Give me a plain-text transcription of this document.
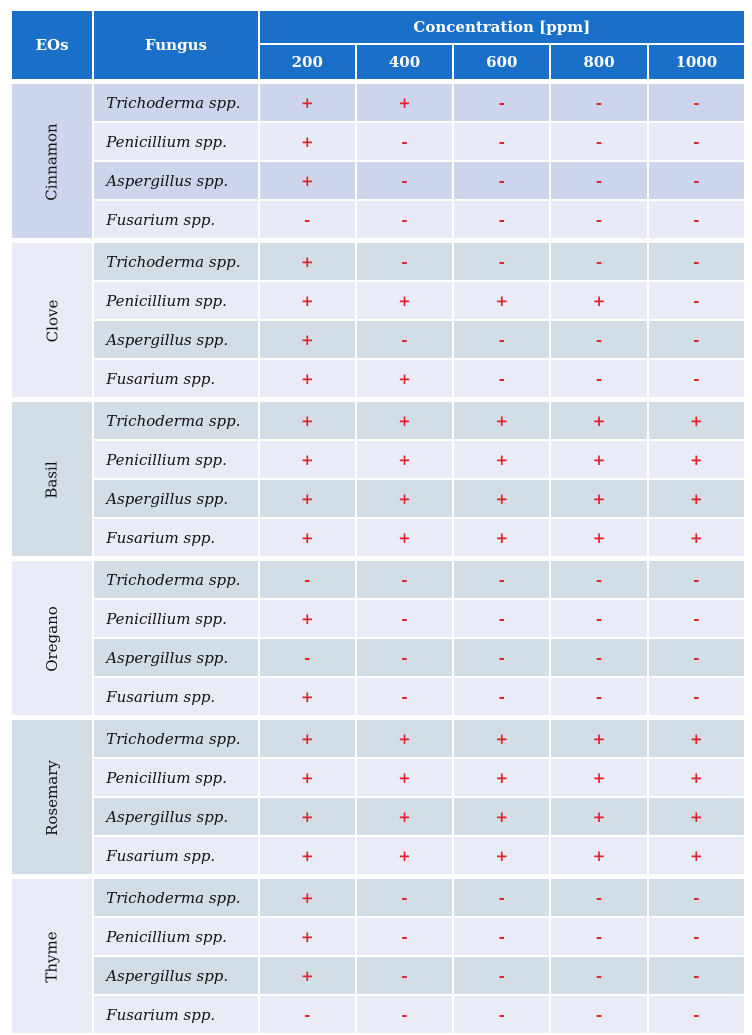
EOs	Fungus	Concentration [ppm]				
		200	400	600	800	1000
Cinnamon	Trichoderma spp.	+	+	-	-	-
	Penicillium spp.	+	-	-	-	-
	Aspergillus spp.	+	-	-	-	-
	Fusarium spp.	-	-	-	-	-
Clove	Trichoderma spp.	+	-	-	-	-
	Penicillium spp.	+	+	+	+	-
	Aspergillus spp.	+	-	-	-	-
	Fusarium spp.	+	+	-	-	-
Basil	Trichoderma spp.	+	+	+	+	+
	Penicillium spp.	+	+	+	+	+
	Aspergillus spp.	+	+	+	+	+
	Fusarium spp.	+	+	+	+	+
Oregano	Trichoderma spp.	-	-	-	-	-
	Penicillium spp.	+	-	-	-	-
	Aspergillus spp.	-	-	-	-	-
	Fusarium spp.	+	-	-	-	-
Rosemary	Trichoderma spp.	+	+	+	+	+
	Penicillium spp.	+	+	+	+	+
	Aspergillus spp.	+	+	+	+	+
	Fusarium spp.	+	+	+	+	+
Thyme	Trichoderma spp.	+	-	-	-	-
	Penicillium spp.	+	-	-	-	-
	Aspergillus spp.	+	-	-	-	-
	Fusarium spp.	-	-	-	-	-
